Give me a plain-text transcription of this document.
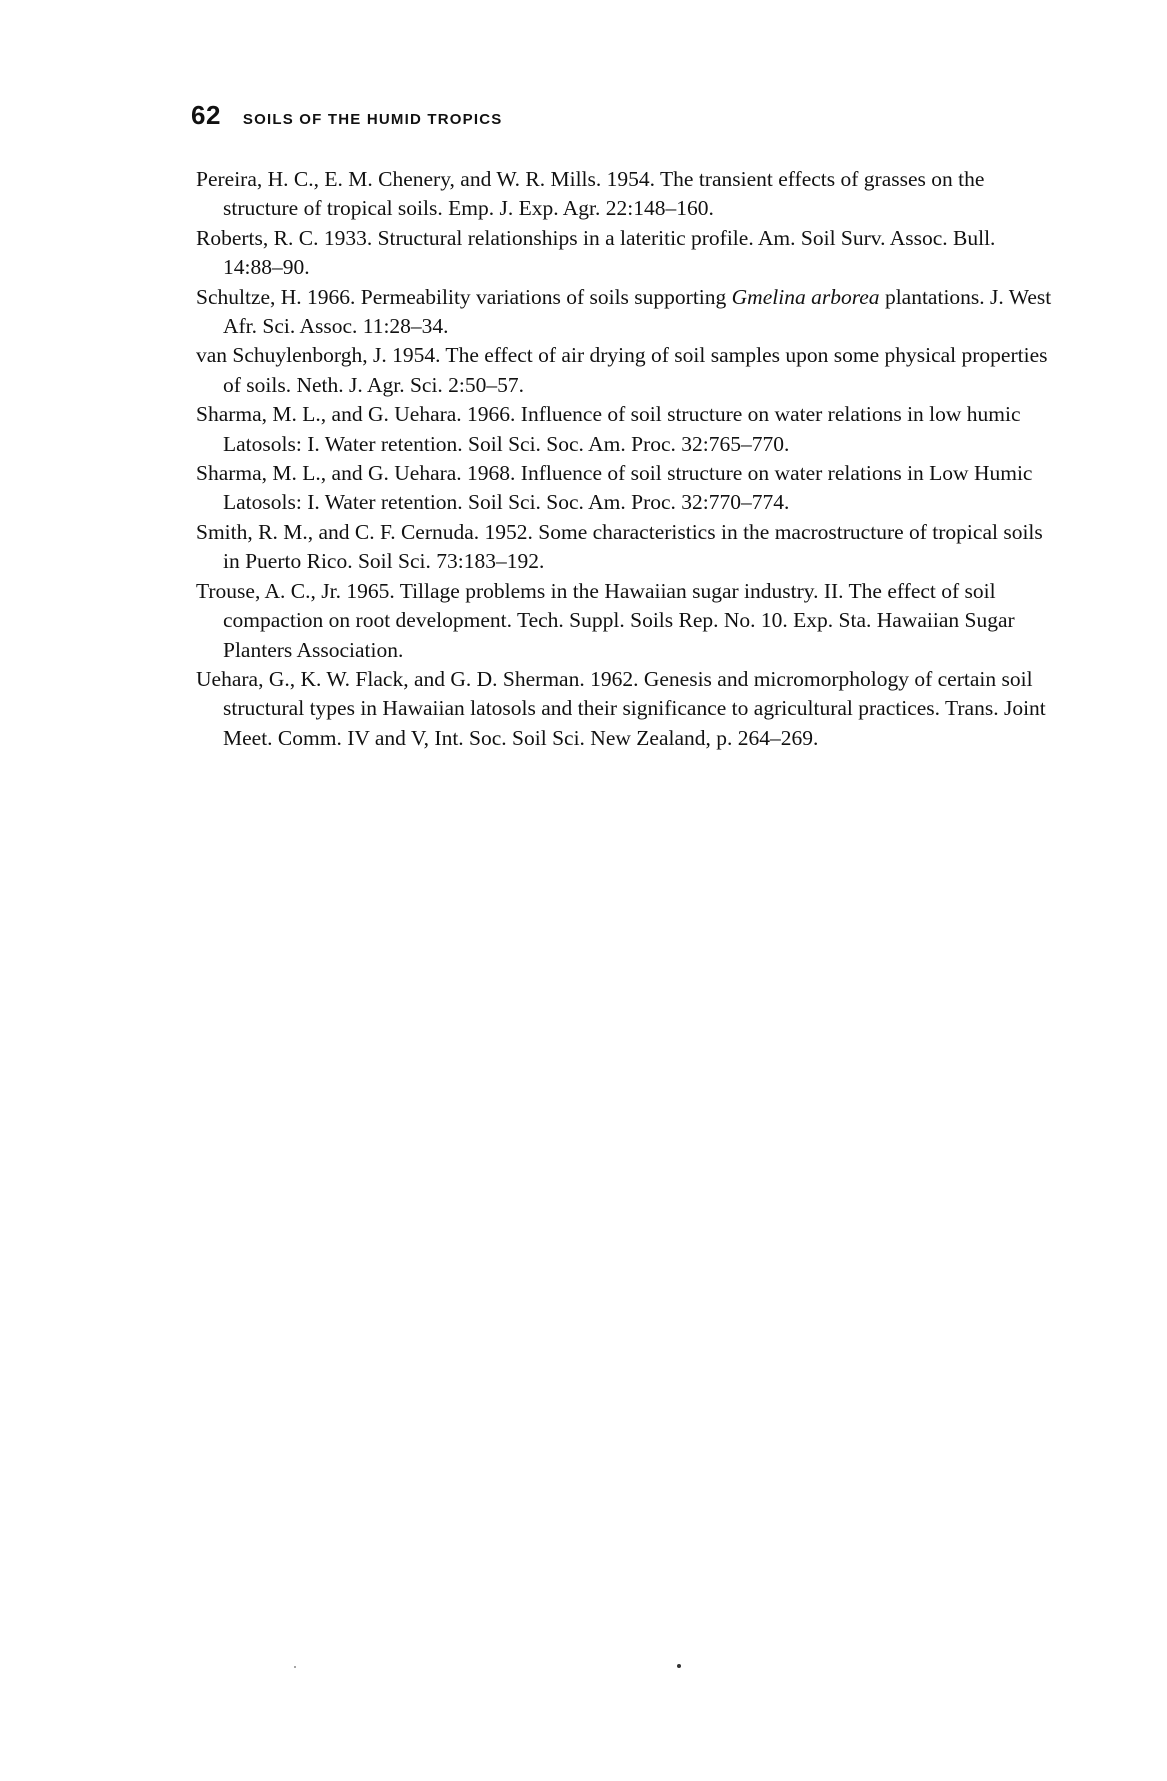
62 SOILS OF THE HUMID TROPICS
Pereira, H. C., E. M. Chenery, and W. R. Mills. 1954. The transient effects of grasses on the structure of tropical soils. Emp. J. Exp. Agr. 22:148–160.
Roberts, R. C. 1933. Structural relationships in a lateritic profile. Am. Soil Surv. Assoc. Bull. 14:88–90.
Schultze, H. 1966. Permeability variations of soils supporting Gmelina arborea plantations. J. West Afr. Sci. Assoc. 11:28–34.
van Schuylenborgh, J. 1954. The effect of air drying of soil samples upon some physical properties of soils. Neth. J. Agr. Sci. 2:50–57.
Sharma, M. L., and G. Uehara. 1966. Influence of soil structure on water relations in low humic Latosols: I. Water retention. Soil Sci. Soc. Am. Proc. 32:765–770.
Sharma, M. L., and G. Uehara. 1968. Influence of soil structure on water relations in Low Humic Latosols: I. Water retention. Soil Sci. Soc. Am. Proc. 32:770–774.
Smith, R. M., and C. F. Cernuda. 1952. Some characteristics in the macrostructure of tropical soils in Puerto Rico. Soil Sci. 73:183–192.
Trouse, A. C., Jr. 1965. Tillage problems in the Hawaiian sugar industry. II. The effect of soil compaction on root development. Tech. Suppl. Soils Rep. No. 10. Exp. Sta. Hawaiian Sugar Planters Association.
Uehara, G., K. W. Flack, and G. D. Sherman. 1962. Genesis and micromorphology of certain soil structural types in Hawaiian latosols and their significance to agricultural practices. Trans. Joint Meet. Comm. IV and V, Int. Soc. Soil Sci. New Zealand, p. 264–269.
